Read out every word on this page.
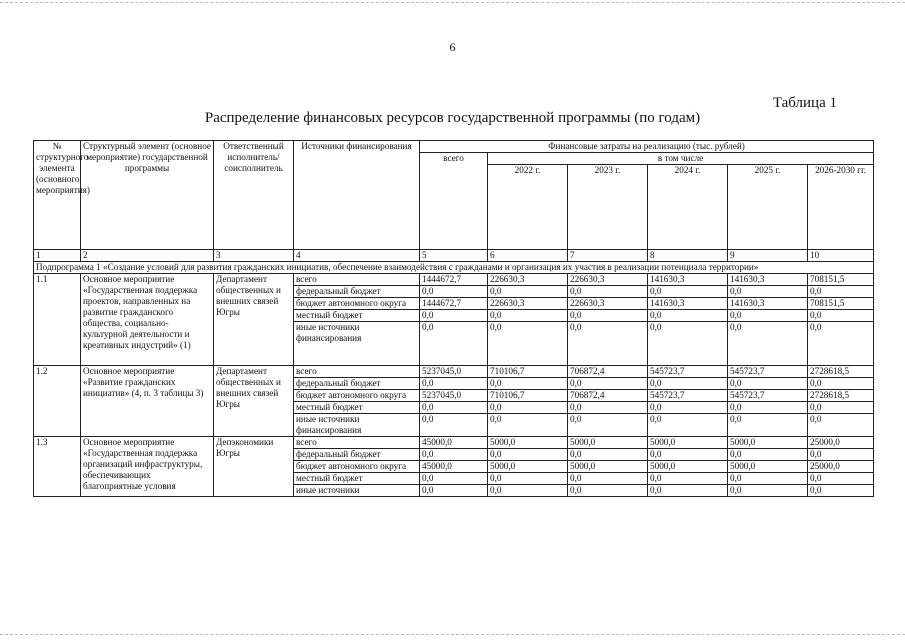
6
Таблица 1
Распределение финансовых ресурсов государственной программы (по годам)
№ структурного элемента (основного мероприятия)	Структурный элемент (основное мероприятие) государственной программы	Ответственный исполнитель/соисполнитель	Источники финансирования	Финансовые затраты на реализацию (тыс. рублей)					
				всего	в том числе				
					2022 г.	2023 г.	2024 г.	2025 г.	2026-2030 гг.
1	2	3	4	5	6	7	8	9	10
Подпрограмма 1 «Создание условий для развития гражданских инициатив, обеспечение взаимодействия с гражданами и организация их участия в реализации потенциала территории»									
1.1	Основное мероприятие «Государственная поддержка проектов, направленных на развитие гражданского общества, социально-культурной деятельности и креативных индустрий» (1)	Департамент общественных и внешних связей Югры	всего	1444672,7	226630,3	226630,3	141630,3	141630,3	708151,5
			федеральный бюджет	0,0	0,0	0,0	0,0	0,0	0,0
			бюджет автономного округа	1444672,7	226630,3	226630,3	141630,3	141630,3	708151,5
			местный бюджет	0,0	0,0	0,0	0,0	0,0	0,0
			иные источники финансирования	0,0	0,0	0,0	0,0	0,0	0,0
1.2	Основное мероприятие «Развитие гражданских инициатив» (4, п. 3 таблицы 3)	Департамент общественных и внешних связей Югры	всего	5237045,0	710106,7	706872,4	545723,7	545723,7	2728618,5
			федеральный бюджет	0,0	0,0	0,0	0,0	0,0	0,0
			бюджет автономного округа	5237045,0	710106,7	706872,4	545723,7	545723,7	2728618,5
			местный бюджет	0,0	0,0	0,0	0,0	0,0	0,0
			иные источники финансирования	0,0	0,0	0,0	0,0	0,0	0,0
1.3	Основное мероприятие «Государственная поддержка организаций инфраструктуры, обеспечивающих благоприятные условия	Депэкономики Югры	всего	45000,0	5000,0	5000,0	5000,0	5000,0	25000,0
			федеральный бюджет	0,0	0,0	0,0	0,0	0,0	0,0
			бюджет автономного округа	45000,0	5000,0	5000,0	5000,0	5000,0	25000,0
			местный бюджет	0,0	0,0	0,0	0,0	0,0	0,0
			иные источники	0,0	0,0	0,0	0,0	0,0	0,0
